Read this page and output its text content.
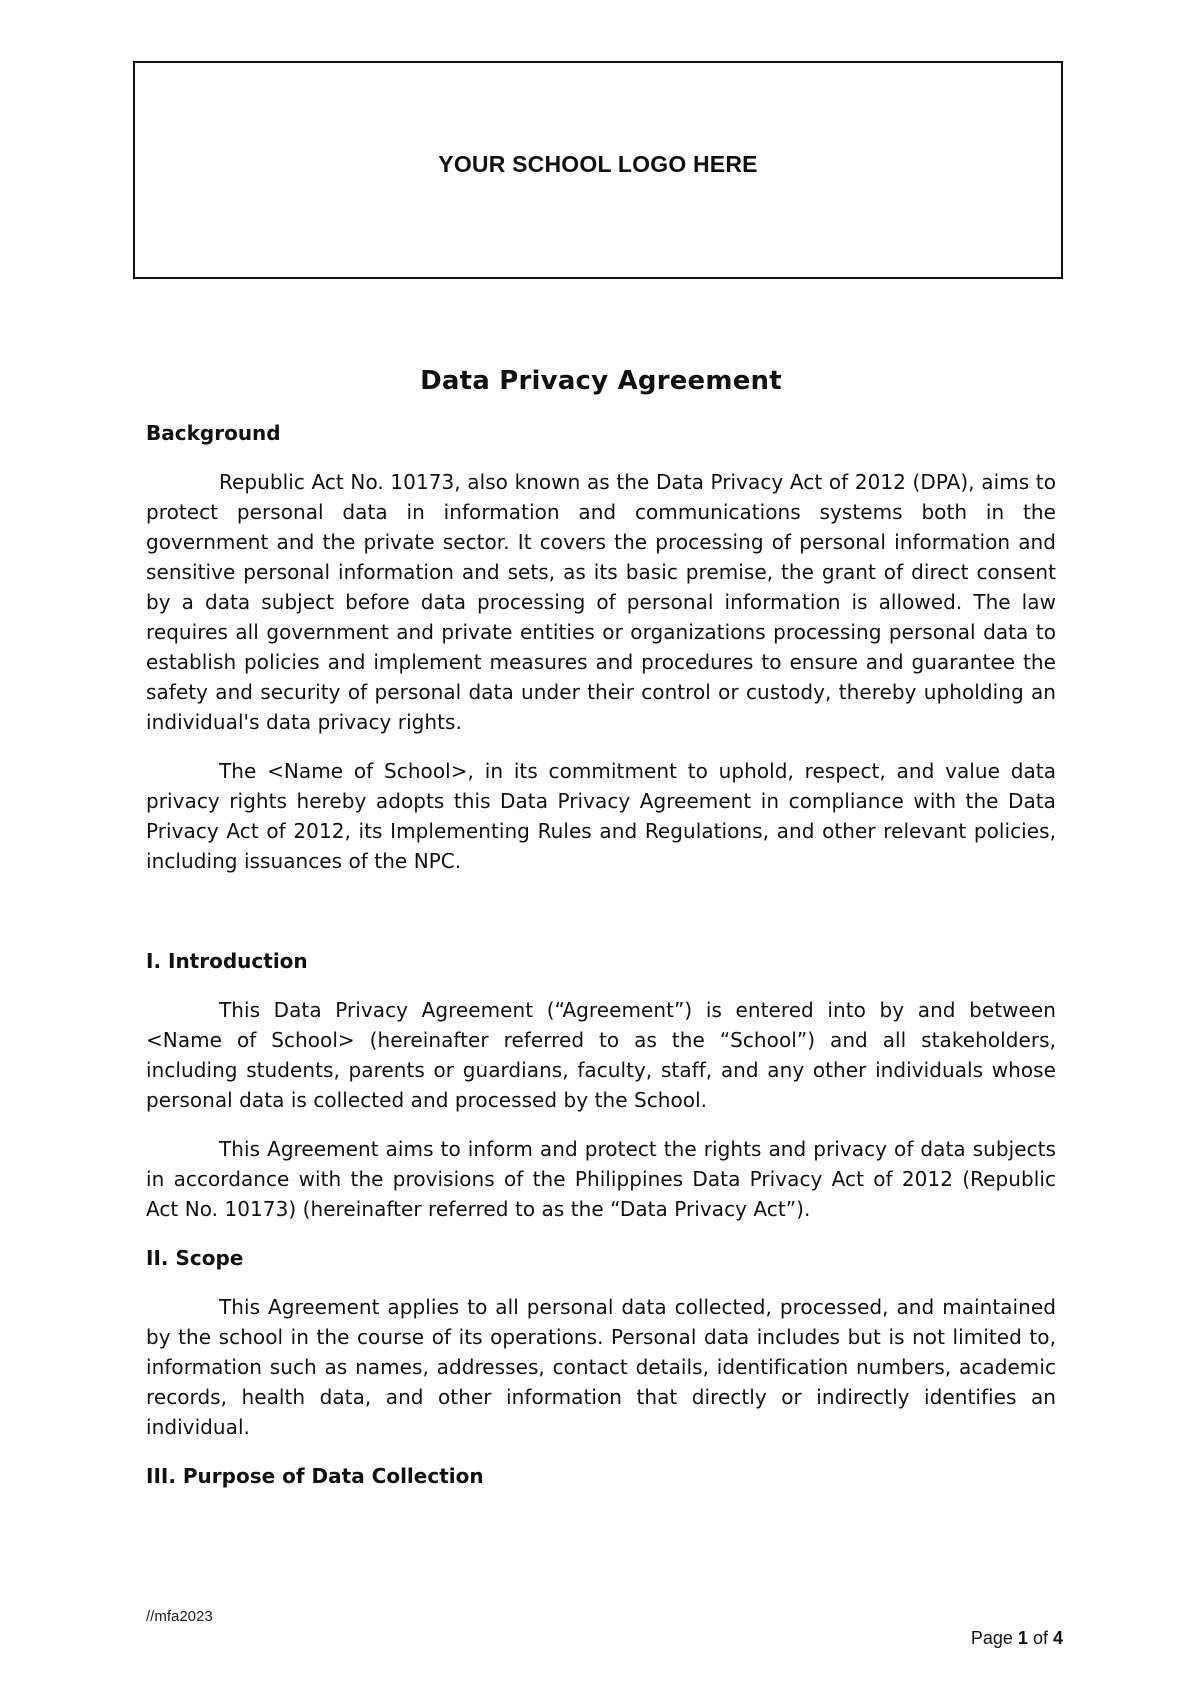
YOUR SCHOOL LOGO HERE
Data Privacy Agreement
Background

Republic Act No. 10173, also known as the Data Privacy Act of 2012 (DPA), aims to protect personal data in information and communications systems both in the government and the private sector. It covers the processing of personal information and sensitive personal information and sets, as its basic premise, the grant of direct consent by a data subject before data processing of personal information is allowed. The law requires all government and private entities or organizations processing personal data to establish policies and implement measures and procedures to ensure and guarantee the safety and security of personal data under their control or custody, thereby upholding an individual's data privacy rights.

The <Name of School>, in its commitment to uphold, respect, and value data privacy rights hereby adopts this Data Privacy Agreement in compliance with the Data Privacy Act of 2012, its Implementing Rules and Regulations, and other relevant policies, including issuances of the NPC.

I. Introduction

This Data Privacy Agreement (“Agreement”) is entered into by and between <Name of School> (hereinafter referred to as the “School”) and all stakeholders, including students, parents or guardians, faculty, staff, and any other individuals whose personal data is collected and processed by the School.

This Agreement aims to inform and protect the rights and privacy of data subjects in accordance with the provisions of the Philippines Data Privacy Act of 2012 (Republic Act No. 10173) (hereinafter referred to as the “Data Privacy Act”).

II. Scope

This Agreement applies to all personal data collected, processed, and maintained by the school in the course of its operations. Personal data includes but is not limited to, information such as names, addresses, contact details, identification numbers, academic records, health data, and other information that directly or indirectly identifies an individual.

III. Purpose of Data Collection
//mfa2023
Page 1 of 4
